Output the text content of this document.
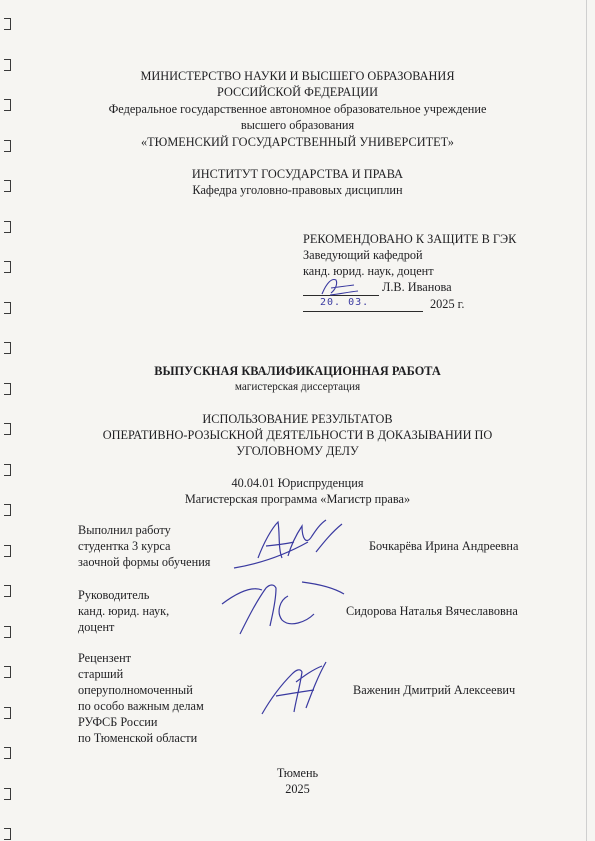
МИНИСТЕРСТВО НАУКИ И ВЫСШЕГО ОБРАЗОВАНИЯ
РОССИЙСКОЙ ФЕДЕРАЦИИ
Федеральное государственное автономное образовательное учреждение
высшего образования
«ТЮМЕНСКИЙ ГОСУДАРСТВЕННЫЙ УНИВЕРСИТЕТ»
ИНСТИТУТ ГОСУДАРСТВА И ПРАВА
Кафедра уголовно-правовых дисциплин
РЕКОМЕНДОВАНО К ЗАЩИТЕ В ГЭК
Заведующий кафедрой
канд. юрид. наук, доцент
Л.В. Иванова
20. 03.	2025 г.
ВЫПУСКНАЯ КВАЛИФИКАЦИОННАЯ РАБОТА
магистерская диссертация
ИСПОЛЬЗОВАНИЕ РЕЗУЛЬТАТОВ
ОПЕРАТИВНО-РОЗЫСКНОЙ ДЕЯТЕЛЬНОСТИ В ДОКАЗЫВАНИИ ПО
УГОЛОВНОМУ ДЕЛУ
40.04.01 Юриспруденция
Магистерская программа «Магистр права»
Выполнил работу
студентка 3 курса
заочной формы обучения
Бочкарёва Ирина Андреевна
Руководитель
канд. юрид. наук,
доцент
Сидорова Наталья Вячеславовна
Рецензент
старший
оперуполномоченный
по особо важным делам
РУФСБ России
по Тюменской области
Важенин Дмитрий Алексеевич
Тюмень
2025
